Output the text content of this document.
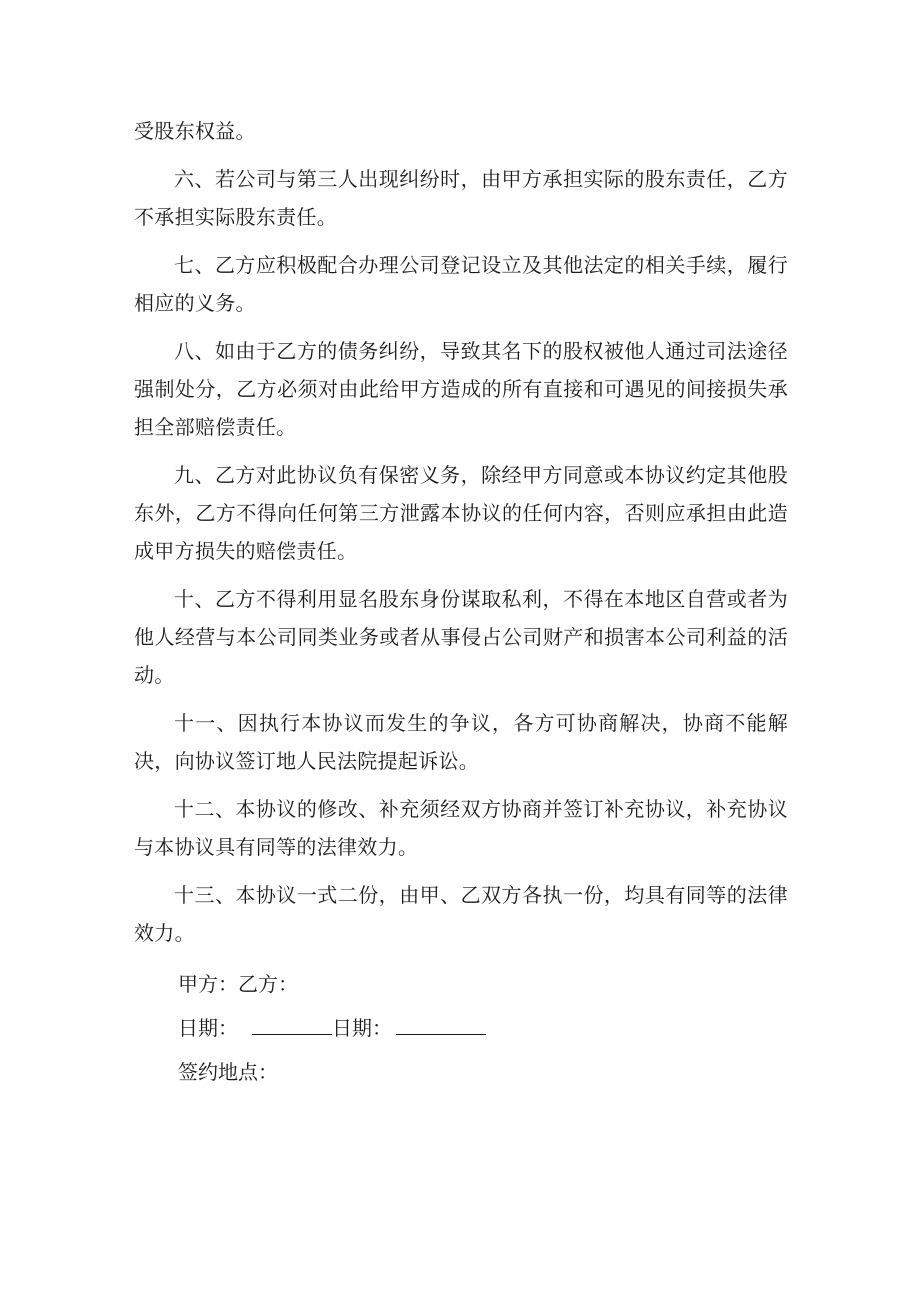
受股东权益。

六、若公司与第三人出现纠纷时，由甲方承担实际的股东责任，乙方不承担实际股东责任。

七、乙方应积极配合办理公司登记设立及其他法定的相关手续，履行相应的义务。

八、如由于乙方的债务纠纷，导致其名下的股权被他人通过司法途径强制处分，乙方必须对由此给甲方造成的所有直接和可遇见的间接损失承担全部赔偿责任。

九、乙方对此协议负有保密义务，除经甲方同意或本协议约定其他股东外，乙方不得向任何第三方泄露本协议的任何内容，否则应承担由此造成甲方损失的赔偿责任。

十、乙方不得利用显名股东身份谋取私利，不得在本地区自营或者为他人经营与本公司同类业务或者从事侵占公司财产和损害本公司利益的活动。

十一、因执行本协议而发生的争议，各方可协商解决，协商不能解决，向协议签订地人民法院提起诉讼。

十二、本协议的修改、补充须经双方协商并签订补充协议，补充协议与本协议具有同等的法律效力。

十三、本协议一式二份，由甲、乙双方各执一份，均具有同等的法律效力。

甲方：乙方：
日期：	日期：
签约地点：
